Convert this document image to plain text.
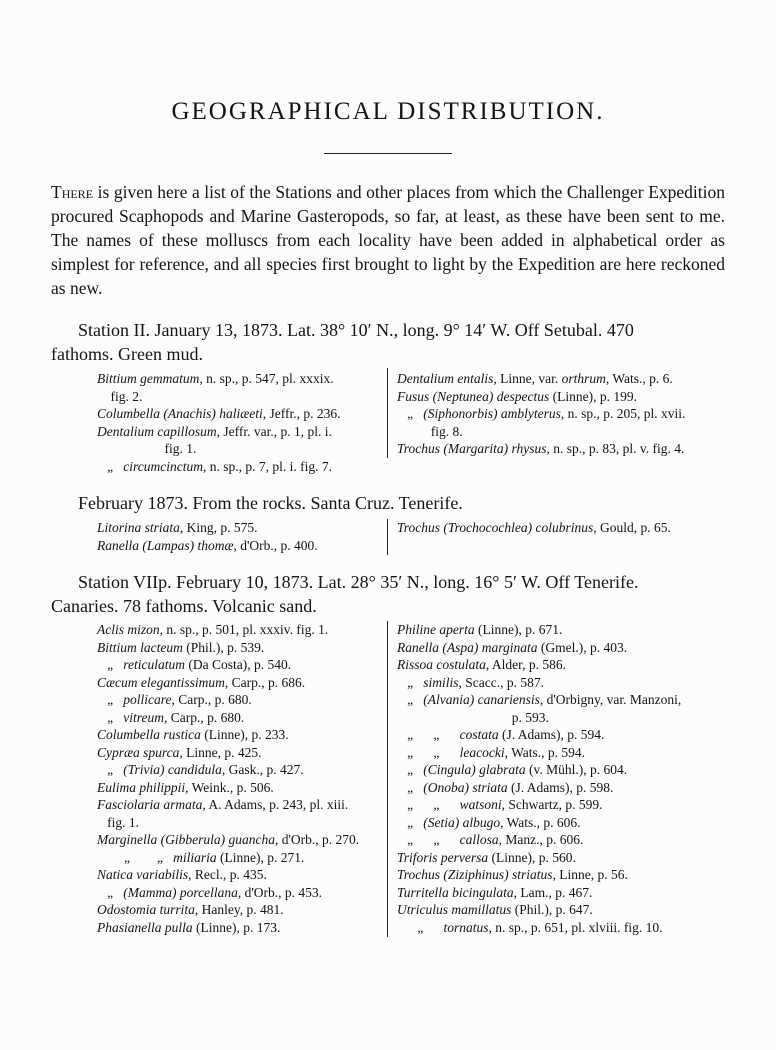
GEOGRAPHICAL DISTRIBUTION.
There is given here a list of the Stations and other places from which the Challenger Expedition procured Scaphopods and Marine Gasteropods, so far, at least, as these have been sent to me. The names of these molluscs from each locality have been added in alphabetical order as simplest for reference, and all species first brought to light by the Expedition are here reckoned as new.
Station II. January 13, 1873. Lat. 38° 10′ N., long. 9° 14′ W. Off Setubal. 470
fathoms. Green mud.
Bittium gemmatum, n. sp., p. 547, pl. xxxix.
fig. 2.
Columbella (Anachis) haliæeti, Jeffr., p. 236.
Dentalium capillosum, Jeffr. var., p. 1, pl. i.
fig. 1.
„   circumcinctum, n. sp., p. 7, pl. i. fig. 7.
Dentalium entalis, Linne, var. orthrum, Wats., p. 6.
Fusus (Neptunea) despectus (Linne), p. 199.
„   (Siphonorbis) amblyterus, n. sp., p. 205, pl. xvii.
fig. 8.
Trochus (Margarita) rhysus, n. sp., p. 83, pl. v. fig. 4.
February 1873. From the rocks. Santa Cruz. Tenerife.
Litorina striata, King, p. 575.
Ranella (Lampas) thomæ, d'Orb., p. 400.
Trochus (Trochocochlea) colubrinus, Gould, p. 65.
Station VIIp. February 10, 1873. Lat. 28° 35′ N., long. 16° 5′ W. Off Tenerife.
Canaries. 78 fathoms. Volcanic sand.
Aclis mizon, n. sp., p. 501, pl. xxxiv. fig. 1.
Bittium lacteum (Phil.), p. 539.
„   reticulatum (Da Costa), p. 540.
Cæcum elegantissimum, Carp., p. 686.
„   pollicare, Carp., p. 680.
„   vitreum, Carp., p. 680.
Columbella rustica (Linne), p. 233.
Cypræa spurca, Linne, p. 425.
„   (Trivia) candidula, Gask., p. 427.
Eulima philippii, Weink., p. 506.
Fasciolaria armata, A. Adams, p. 243, pl. xiii.
fig. 1.
Marginella (Gibberula) guancha, d'Orb., p. 270.
„        „   miliaria (Linne), p. 271.
Natica variabilis, Recl., p. 435.
„   (Mamma) porcellana, d'Orb., p. 453.
Odostomia turrita, Hanley, p. 481.
Phasianella pulla (Linne), p. 173.
Philine aperta (Linne), p. 671.
Ranella (Aspa) marginata (Gmel.), p. 403.
Rissoa costulata, Alder, p. 586.
„   similis, Scacc., p. 587.
„   (Alvania) canariensis, d'Orbigny, var. Manzoni,
p. 593.
„      „      costata (J. Adams), p. 594.
„      „      leacocki, Wats., p. 594.
„   (Cingula) glabrata (v. Mühl.), p. 604.
„   (Onoba) striata (J. Adams), p. 598.
„      „      watsoni, Schwartz, p. 599.
„   (Setia) albugo, Wats., p. 606.
„      „      callosa, Manz., p. 606.
Triforis perversa (Linne), p. 560.
Trochus (Ziziphinus) striatus, Linne, p. 56.
Turritella bicingulata, Lam., p. 467.
Utriculus mamillatus (Phil.), p. 647.
„      tornatus, n. sp., p. 651, pl. xlviii. fig. 10.
